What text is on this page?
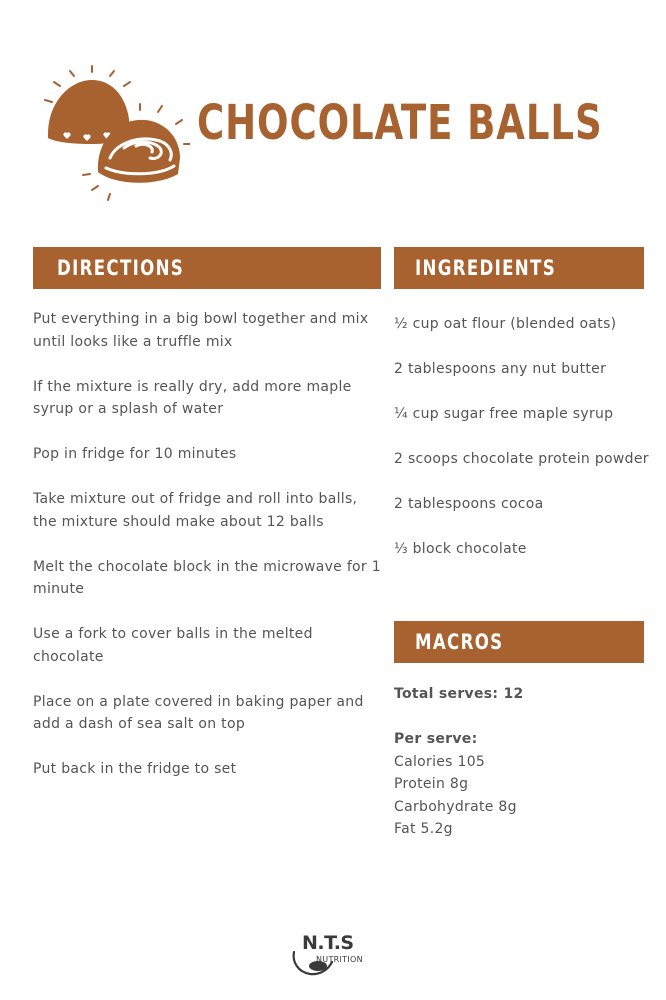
CHOCOLATE BALLS
DIRECTIONS	INGREDIENTS
MACROS
Put everything in a big bowl together and mix until looks like a truffle mix
If the mixture is really dry, add more maple syrup or a splash of water
Pop in fridge for 10 minutes
Take mixture out of fridge and roll into balls, the mixture should make about 12 balls
Melt the chocolate block in the microwave for 1 minute
Use a fork to cover balls in the melted chocolate
Place on a plate covered in baking paper and add a dash of sea salt on top
Put back in the fridge to set
½ cup oat flour (blended oats)
2 tablespoons any nut butter
¼ cup sugar free maple syrup
2 scoops chocolate protein powder
2 tablespoons cocoa
⅓ block chocolate
Total serves: 12
Per serve:
Calories 105
Protein 8g
Carbohydrate 8g
Fat 5.2g
N.T.S
NUTRITION
